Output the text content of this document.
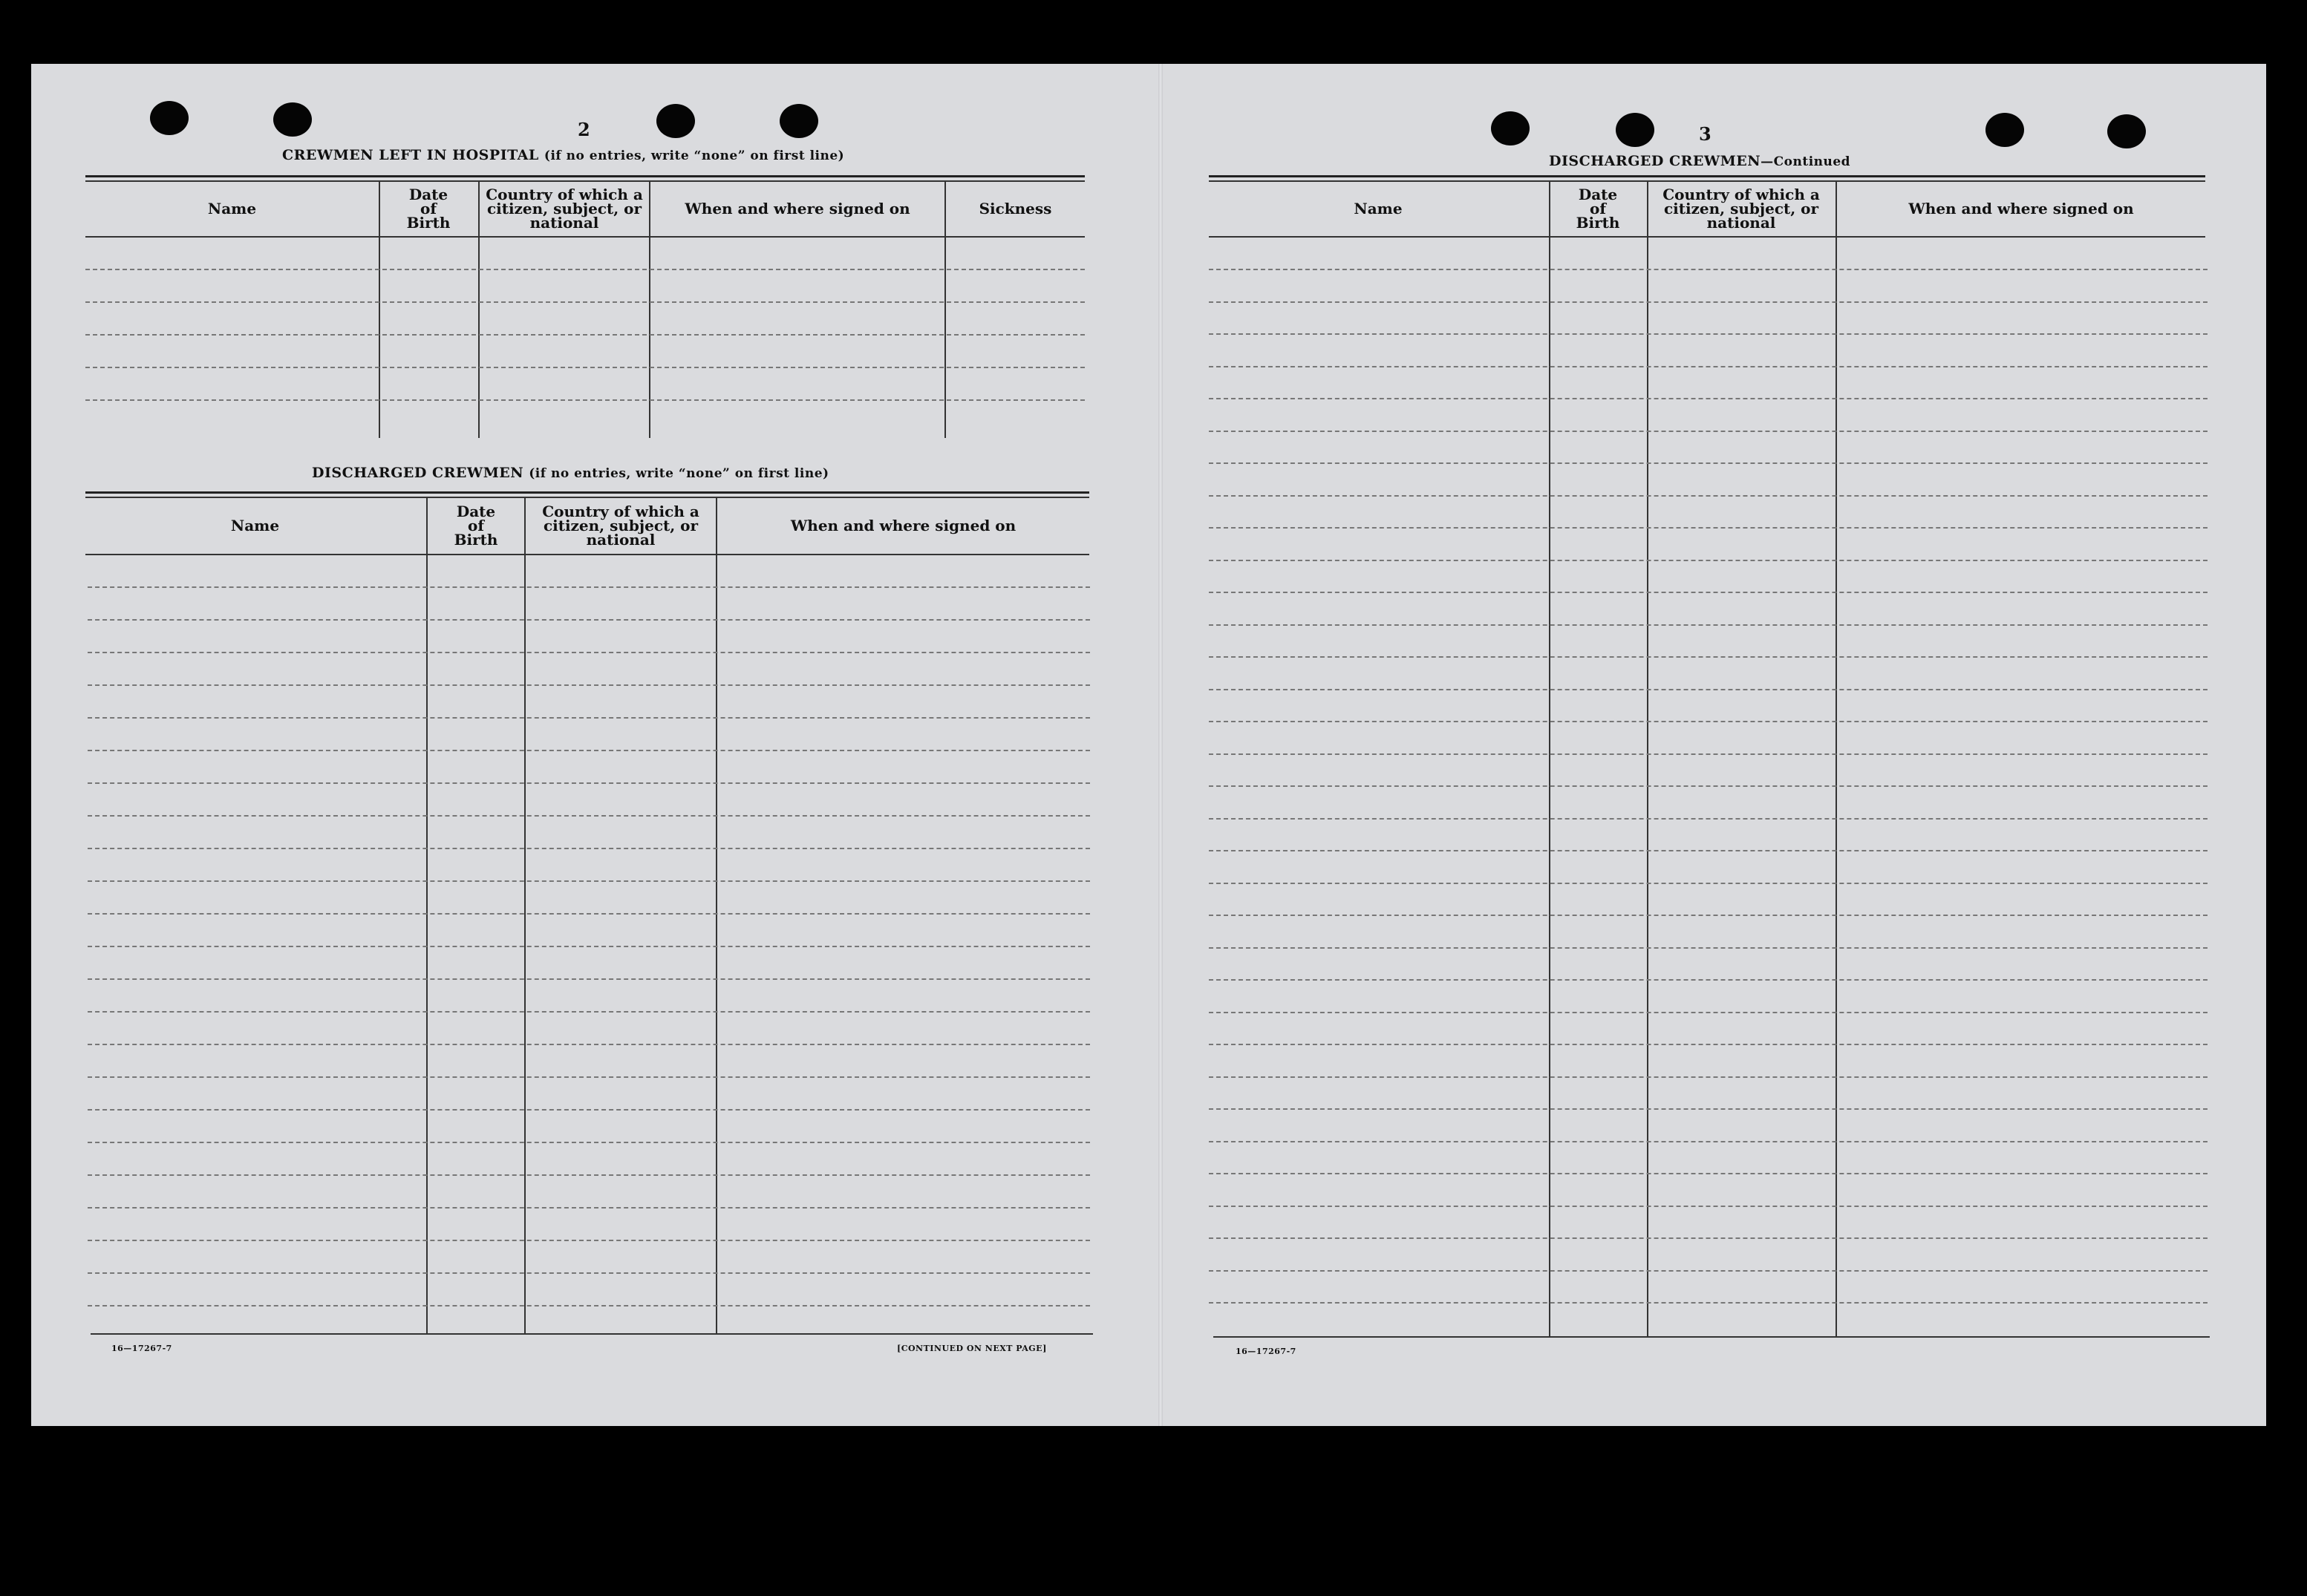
2
CREWMEN LEFT IN HOSPITAL (if no entries, write “none” on first line)
Name
Date of Birth
Country of which a citizen, subject, or national
When and where signed on	Sickness
DISCHARGED CREWMEN (if no entries, write “none” on first line)
Name
Date of Birth
Country of which a citizen, subject, or national
When and where signed on
16—17267-7	[CONTINUED ON NEXT PAGE]
3
DISCHARGED CREWMEN—Continued
Name
Date of Birth
Country of which a citizen, subject, or national
When and where signed on
16—17267-7
